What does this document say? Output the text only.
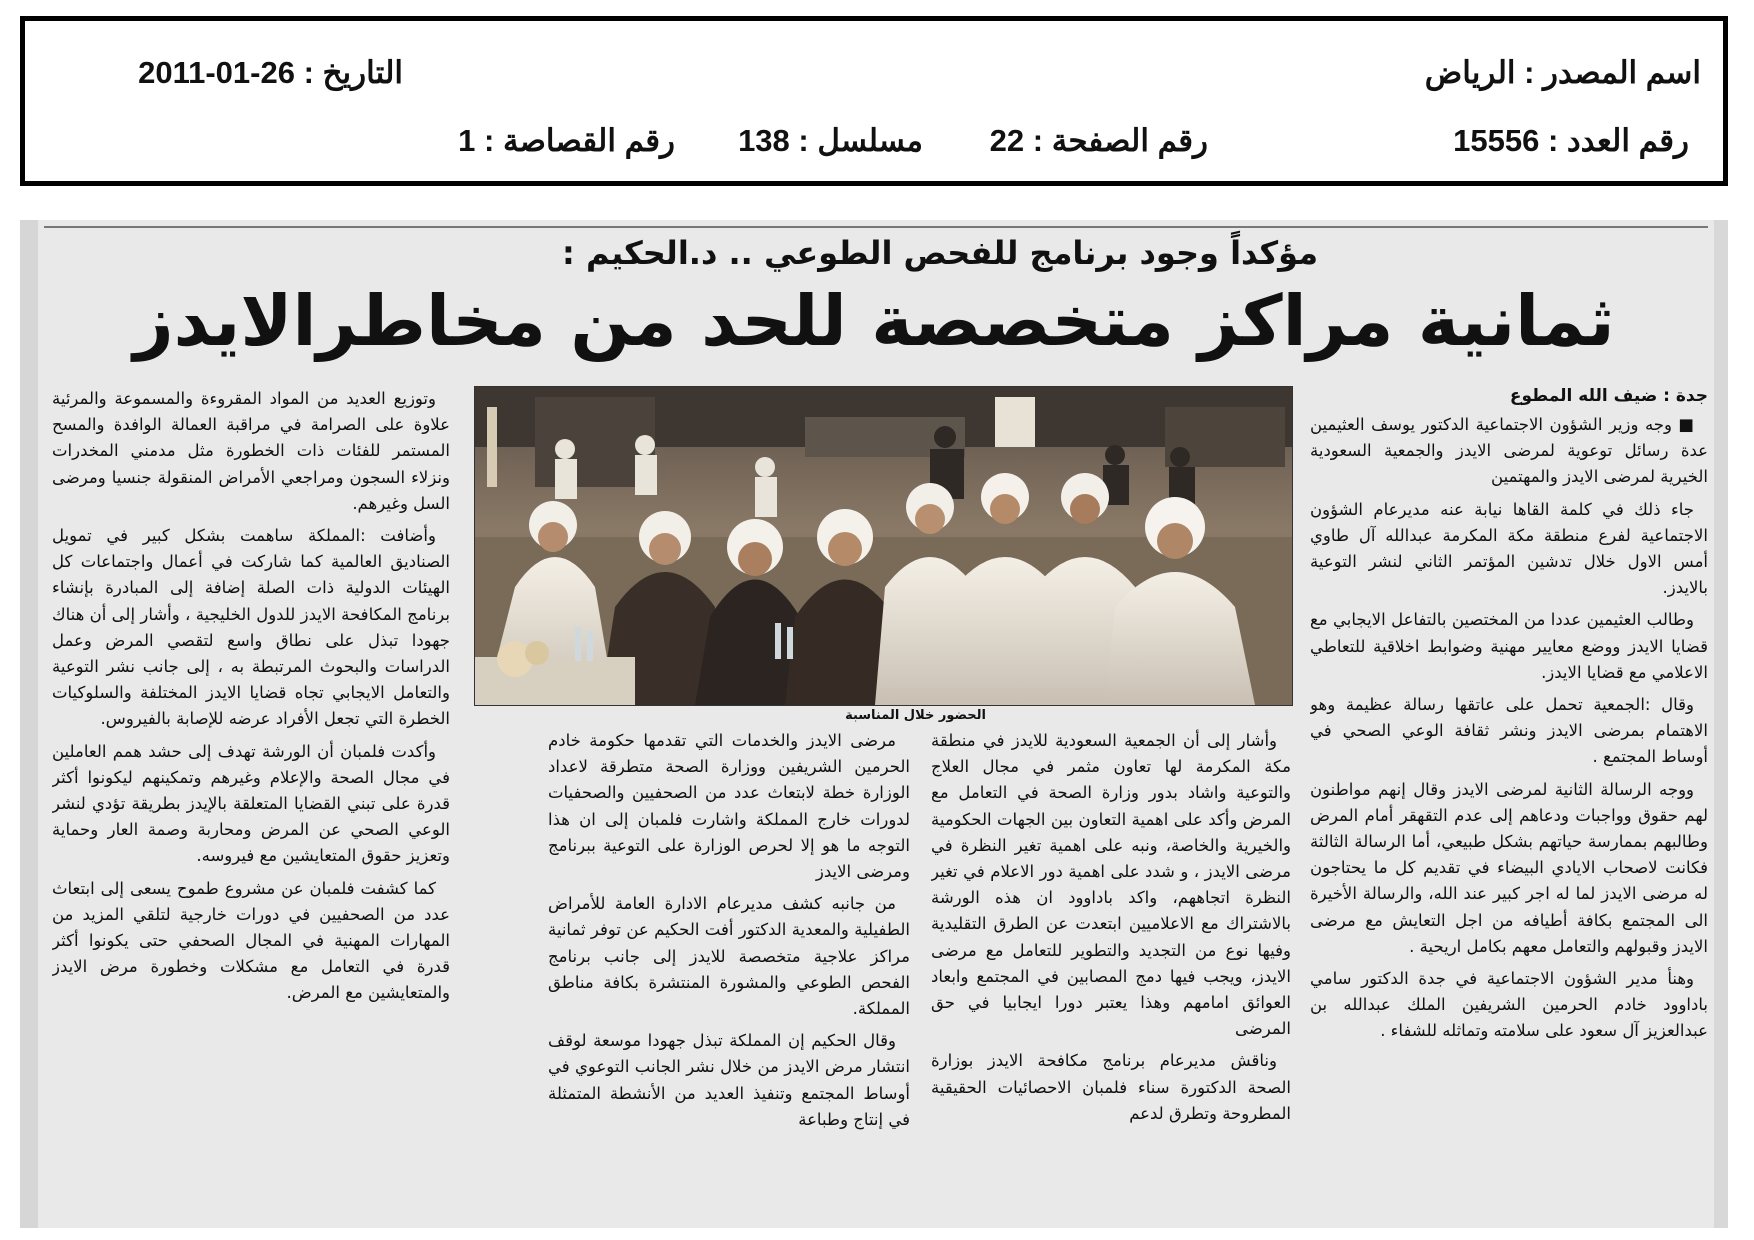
اسم المصدر : الرياض
التاريخ : 2011-01-26
رقم العدد : 15556
رقم الصفحة : 22
مسلسل : 138
رقم القصاصة : 1
مؤكداً وجود برنامج للفحص الطوعي .. د.الحكيم :
ثمانية مراكز متخصصة للحد من مخاطرالايدز
جدة : ضيف الله المطوع

■ وجه وزير الشؤون الاجتماعية الدكتور يوسف العثيمين عدة رسائل توعوية لمرضى الايدز والجمعية السعودية الخيرية لمرضى الايدز والمهتمين

جاء ذلك في كلمة القاها نيابة عنه مديرعام الشؤون الاجتماعية لفرع منطقة مكة المكرمة عبدالله آل طاوي أمس الاول خلال تدشين المؤتمر الثاني لنشر التوعية بالايدز.

وطالب العثيمين عددا من المختصين بالتفاعل الايجابي مع قضايا الايدز ووضع معايير مهنية وضوابط اخلاقية للتعاطي الاعلامي مع قضايا الايدز.

وقال :الجمعية تحمل على عاتقها رسالة عظيمة وهو الاهتمام بمرضى الايدز ونشر ثقافة الوعي الصحي في أوساط المجتمع .

ووجه الرسالة الثانية لمرضى الايدز وقال إنهم مواطنون لهم حقوق وواجبات ودعاهم إلى عدم التقهقر أمام المرض وطالبهم بممارسة حياتهم بشكل طبيعي، أما الرسالة الثالثة فكانت لاصحاب الايادي البيضاء في تقديم كل ما يحتاجون له مرضى الايدز لما له اجر كبير عند الله، والرسالة الأخيرة الى المجتمع بكافة أطيافه من اجل التعايش مع مرضى الايدز وقبولهم والتعامل معهم بكامل اريحية .

وهنأ مدير الشؤون الاجتماعية في جدة الدكتور سامي باداوود خادم الحرمين الشريفين الملك عبدالله بن عبدالعزيز آل سعود على سلامته وتماثله للشفاء .

الحضور خلال المناسبة

وأشار إلى أن الجمعية السعودية للايدز في منطقة مكة المكرمة لها تعاون مثمر في مجال العلاج والتوعية واشاد بدور وزارة الصحة في التعامل مع المرض وأكد على اهمية التعاون بين الجهات الحكومية والخيرية والخاصة، ونبه على اهمية تغير النظرة في مرضى الايدز ، و شدد على اهمية دور الاعلام في تغير النظرة اتجاههم، واكد باداوود ان هذه الورشة بالاشتراك مع الاعلاميين ابتعدت عن الطرق التقليدية وفيها نوع من التجديد والتطوير للتعامل مع مرضى الايدز، ويجب فيها دمج المصابين في المجتمع وابعاد العوائق امامهم وهذا يعتبر دورا ايجابيا في حق المرضى

وناقش مديرعام برنامج مكافحة الايدز بوزارة الصحة الدكتورة سناء فلمبان الاحصائيات الحقيقية المطروحة وتطرق لدعم

مرضى الايدز والخدمات التي تقدمها حكومة خادم الحرمين الشريفين ووزارة الصحة متطرقة لاعداد الوزارة خطة لابتعاث عدد من الصحفيين والصحفيات لدورات خارج المملكة واشارت فلمبان إلى ان هذا التوجه ما هو إلا لحرص الوزارة على التوعية ببرنامج ومرضى الايدز

من جانبه كشف مديرعام الادارة العامة للأمراض الطفيلية والمعدية الدكتور أفت الحكيم عن توفر ثمانية مراكز علاجية متخصصة للايدز إلى جانب برنامج الفحص الطوعي والمشورة المنتشرة بكافة مناطق المملكة.

وقال الحكيم إن المملكة تبذل جهودا موسعة لوقف انتشار مرض الايدز من خلال نشر الجانب التوعوي في أوساط المجتمع وتنفيذ العديد من الأنشطة المتمثلة في إنتاج وطباعة

وتوزيع العديد من المواد المقروءة والمسموعة والمرئية علاوة على الصرامة في مراقبة العمالة الوافدة والمسح المستمر للفئات ذات الخطورة مثل مدمني المخدرات ونزلاء السجون ومراجعي الأمراض المنقولة جنسيا ومرضى السل وغيرهم.

وأضافت :المملكة ساهمت بشكل كبير في تمويل الصناديق العالمية كما شاركت في أعمال واجتماعات كل الهيئات الدولية ذات الصلة إضافة إلى المبادرة بإنشاء برنامج المكافحة الايدز للدول الخليجية ، وأشار إلى أن هناك جهودا تبذل على نطاق واسع لتقصي المرض وعمل الدراسات والبحوث المرتبطة به ، إلى جانب نشر التوعية والتعامل الايجابي تجاه قضايا الايدز المختلفة والسلوكيات الخطرة التي تجعل الأفراد عرضه للإصابة بالفيروس.

وأكدت فلمبان أن الورشة تهدف إلى حشد همم العاملين في مجال الصحة والإعلام وغيرهم وتمكينهم ليكونوا أكثر قدرة على تبني القضايا المتعلقة بالإيدز بطريقة تؤدي لنشر الوعي الصحي عن المرض ومحاربة وصمة العار وحماية وتعزيز حقوق المتعايشين مع فيروسه.

كما كشفت فلمبان عن مشروع طموح يسعى إلى ابتعاث عدد من الصحفيين في دورات خارجية لتلقي المزيد من المهارات المهنية في المجال الصحفي حتى يكونوا أكثر قدرة في التعامل مع مشكلات وخطورة مرض الايدز والمتعايشين مع المرض.
